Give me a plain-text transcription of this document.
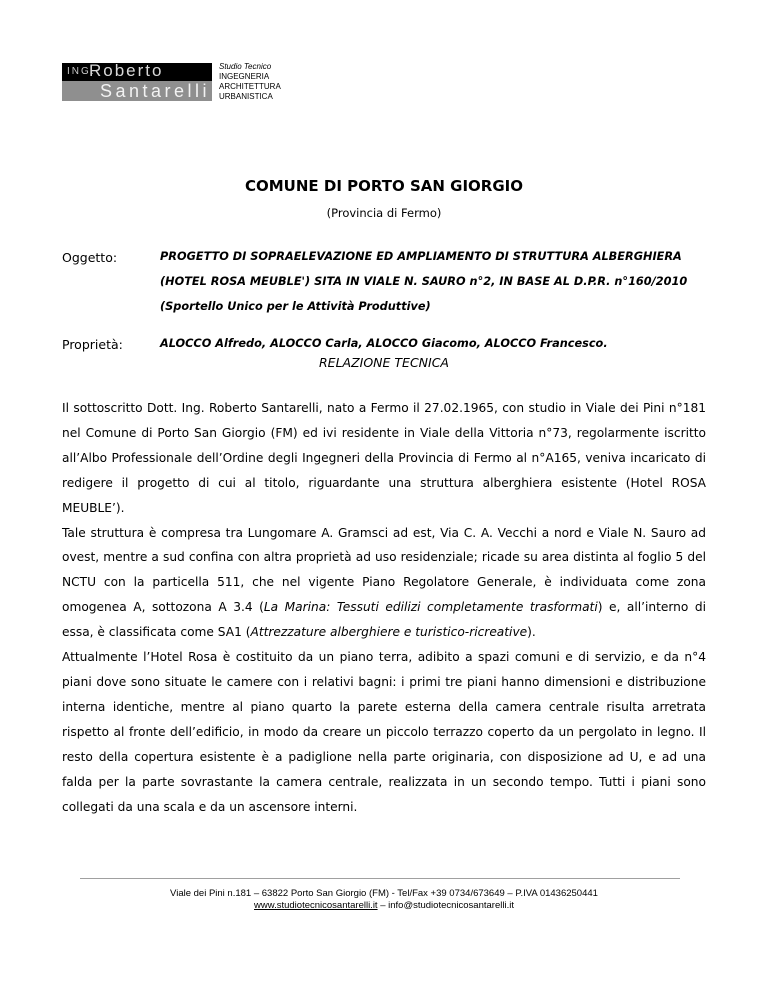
ING.
Roberto
Santarelli
Studio Tecnico
INGEGNERIA
ARCHITETTURA
URBANISTICA
COMUNE DI PORTO SAN GIORGIO
(Provincia di Fermo)
Oggetto:	PROGETTO DI SOPRAELEVAZIONE ED AMPLIAMENTO DI STRUTTURA ALBERGHIERA
(HOTEL ROSA MEUBLE') SITA IN VIALE N. SAURO n°2, IN BASE AL D.P.R. n°160/2010
(Sportello Unico per le Attività Produttive)
Proprietà:	ALOCCO Alfredo, ALOCCO Carla, ALOCCO Giacomo, ALOCCO Francesco.
RELAZIONE TECNICA

Il sottoscritto Dott. Ing. Roberto Santarelli, nato a Fermo il 27.02.1965, con studio in Viale dei Pini n°181 nel Comune di Porto San Giorgio (FM) ed ivi residente in Viale della Vittoria n°73, regolarmente iscritto all’Albo Professionale dell’Ordine degli Ingegneri della Provincia di Fermo al n°A165, veniva incaricato di redigere il progetto di cui al titolo, riguardante una struttura alberghiera esistente (Hotel ROSA MEUBLE’).

Tale struttura è compresa tra Lungomare A. Gramsci ad est, Via C. A. Vecchi a nord e Viale N. Sauro ad ovest, mentre a sud confina con altra proprietà ad uso residenziale; ricade su area distinta al foglio 5 del NCTU con la particella 511, che nel vigente Piano Regolatore Generale, è individuata come zona omogenea A, sottozona A 3.4 (La Marina: Tessuti edilizi completamente trasformati) e, all’interno di essa, è classificata come SA1 (Attrezzature alberghiere e turistico-ricreative).

Attualmente l’Hotel Rosa è costituito da un piano terra, adibito a spazi comuni e di servizio, e da n°4 piani dove sono situate le camere con i relativi bagni: i primi tre piani hanno dimensioni e distribuzione interna identiche, mentre al piano quarto la parete esterna della camera centrale risulta arretrata rispetto al fronte dell’edificio, in modo da creare un piccolo terrazzo coperto da un pergolato in legno. Il resto della copertura esistente è a padiglione nella parte originaria, con disposizione ad U, e ad una falda per la parte sovrastante la camera centrale, realizzata in un secondo tempo. Tutti i piani sono collegati da una scala e da un ascensore interni.

Viale dei Pini n.181 – 63822 Porto San Giorgio (FM) - Tel/Fax +39 0734/673649 – P.IVA 01436250441
www.studiotecnicosantarelli.it – info@studiotecnicosantarelli.it
